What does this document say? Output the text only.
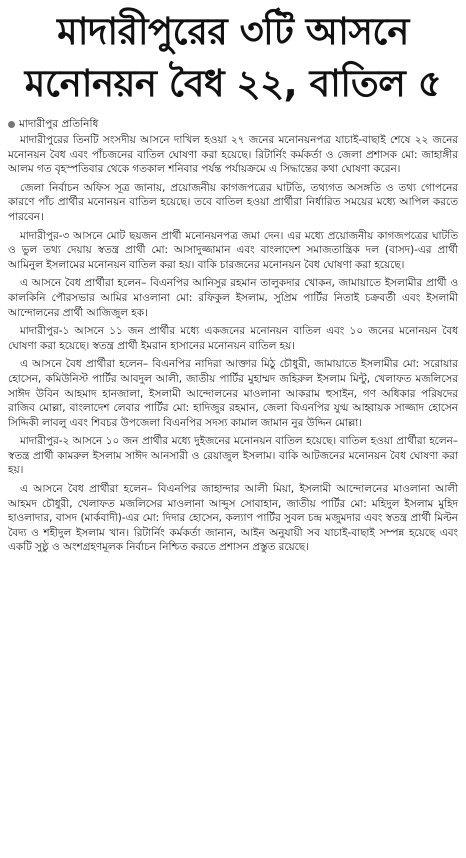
মাদারীপুরের ৩টি আসনে
মনোনয়ন বৈধ ২২, বাতিল ৫
মাদারীপুর প্রতিনিধি

মাদারীপুরের তিনটি সংসদীয় আসনে দাখিল হওয়া ২৭ জনের মনোনয়নপত্র যাচাই-বাছাই শেষে ২২ জনের মনোনয়ন বৈধ এবং পাঁচজনের বাতিল ঘোষণা করা হয়েছে। রিটার্নিং কর্মকর্তা ও জেলা প্রশাসক মো: জাহাঙ্গীর আলম গত বৃহস্পতিবার থেকে গতকাল শনিবার পর্যন্ত পর্যায়ক্রমে এ সিদ্ধান্তের কথা ঘোষণা করেন।

জেলা নির্বাচন অফিস সূত্র জানায়, প্রয়োজনীয় কাগজপত্রের ঘাটতি, তথ্যগত অসঙ্গতি ও তথ্য গোপনের কারণে পাঁচ প্রার্থীর মনোনয়ন বাতিল হয়েছে। তবে বাতিল হওয়া প্রার্থীরা নির্ধারিত সময়ের মধ্যে আপিল করতে পারবেন।

মাদারীপুর-৩ আসনে মোট ছয়জন প্রার্থী মনোনয়নপত্র জমা দেন। এর মধ্যে প্রয়োজনীয় কাগজপত্রের ঘাটতি ও ভুল তথ্য দেয়ায় স্বতন্ত্র প্রার্থী মো: আসাদুজ্জামান এবং বাংলাদেশ সমাজতান্ত্রিক দল (বাসদ)-এর প্রার্থী আমিনুল ইসলামের মনোনয়ন বাতিল করা হয়। বাকি চারজনের মনোনয়ন বৈধ ঘোষণা করা হয়েছে।

এ আসনে বৈধ প্রার্থীরা হলেন– বিএনপির আনিসুর রহমান তালুকদার খোকন, জামায়াতে ইসলামীর প্রার্থী ও কালকিনি পৌরসভার আমির মাওলানা মো: রফিকুল ইসলাম, সুপ্রিম পার্টির নিতাই চক্রবর্তী এবং ইসলামী আন্দোলনের প্রার্থী আজিজুল হক।

মাদারীপুর-১ আসনে ১১ জন প্রার্থীর মধ্যে একজনের মনোনয়ন বাতিল এবং ১০ জনের মনোনয়ন বৈধ ঘোষণা করা হয়েছে। স্বতন্ত্র প্রার্থী ইমরান হাসানের মনোনয়ন বাতিল হয়।

এ আসনে বৈধ প্রার্থীরা হলেন– বিএনপির নাদিরা আক্তার মিঠু চৌধুরী, জামায়াতে ইসলামীর মো: সরোয়ার হোসেন, কমিউনিস্ট পার্টির আবদুল আলী, জাতীয় পার্টির মুহাম্মদ জহিরুল ইসলাম মিন্টু, খেলাফত মজলিসের সাঈদ উবিন আহমাদ হানজালা, ইসলামী আন্দোলনের মাওলানা আকরাম হুসাইন, গণ অধিকার পরিষদের রাজিব মোল্লা, বাংলাদেশ লেবার পার্টির মো: হাদিজুর রহমান, জেলা বিএনপির যুগ্ম আহ্বায়ক সাজ্জাদ হোসেন সিদ্দিকী লাবলু এবং শিবচর উপজেলা বিএনপির সদস্য কামাল জামান নুর উদ্দিন মোল্লা।

মাদারীপুর-২ আসনে ১০ জন প্রার্থীর মধ্যে দুইজনের মনোনয়ন বাতিল হয়েছে। বাতিল হওয়া প্রার্থীরা হলেন– স্বতন্ত্র প্রার্থী কামরুল ইসলাম সাঈদ আনসারী ও রেয়াজুল ইসলাম। বাকি আটজনের মনোনয়ন বৈধ ঘোষণা করা হয়।

এ আসনে বৈধ প্রার্থীরা হলেন– বিএনপির জাহান্দার আলী মিয়া, ইসলামী আন্দোলনের মাওলানা আলী আহমদ চৌধুরী, খেলাফত মজলিসের মাওলানা আব্দুস সোবাহান, জাতীয় পার্টির মো: মহিদুল ইসলাম মুহিদ হাওলাদার, বাসদ (মার্কবাদী)-এর মো: দিদার হোসেন, কল্যাণ পার্টির সুবল চন্দ্র মজুমদার এবং স্বতন্ত্র প্রার্থী মিল্টন বৈদ্য ও শহীদুল ইসলাম খান। রিটার্নিং কর্মকর্তা জানান, আইন অনুযায়ী সব যাচাই-বাছাই সম্পন্ন হয়েছে এবং একটি সুষ্ঠু ও অংশগ্রহণমূলক নির্বাচন নিশ্চিত করতে প্রশাসন প্রস্তুত রয়েছে।
